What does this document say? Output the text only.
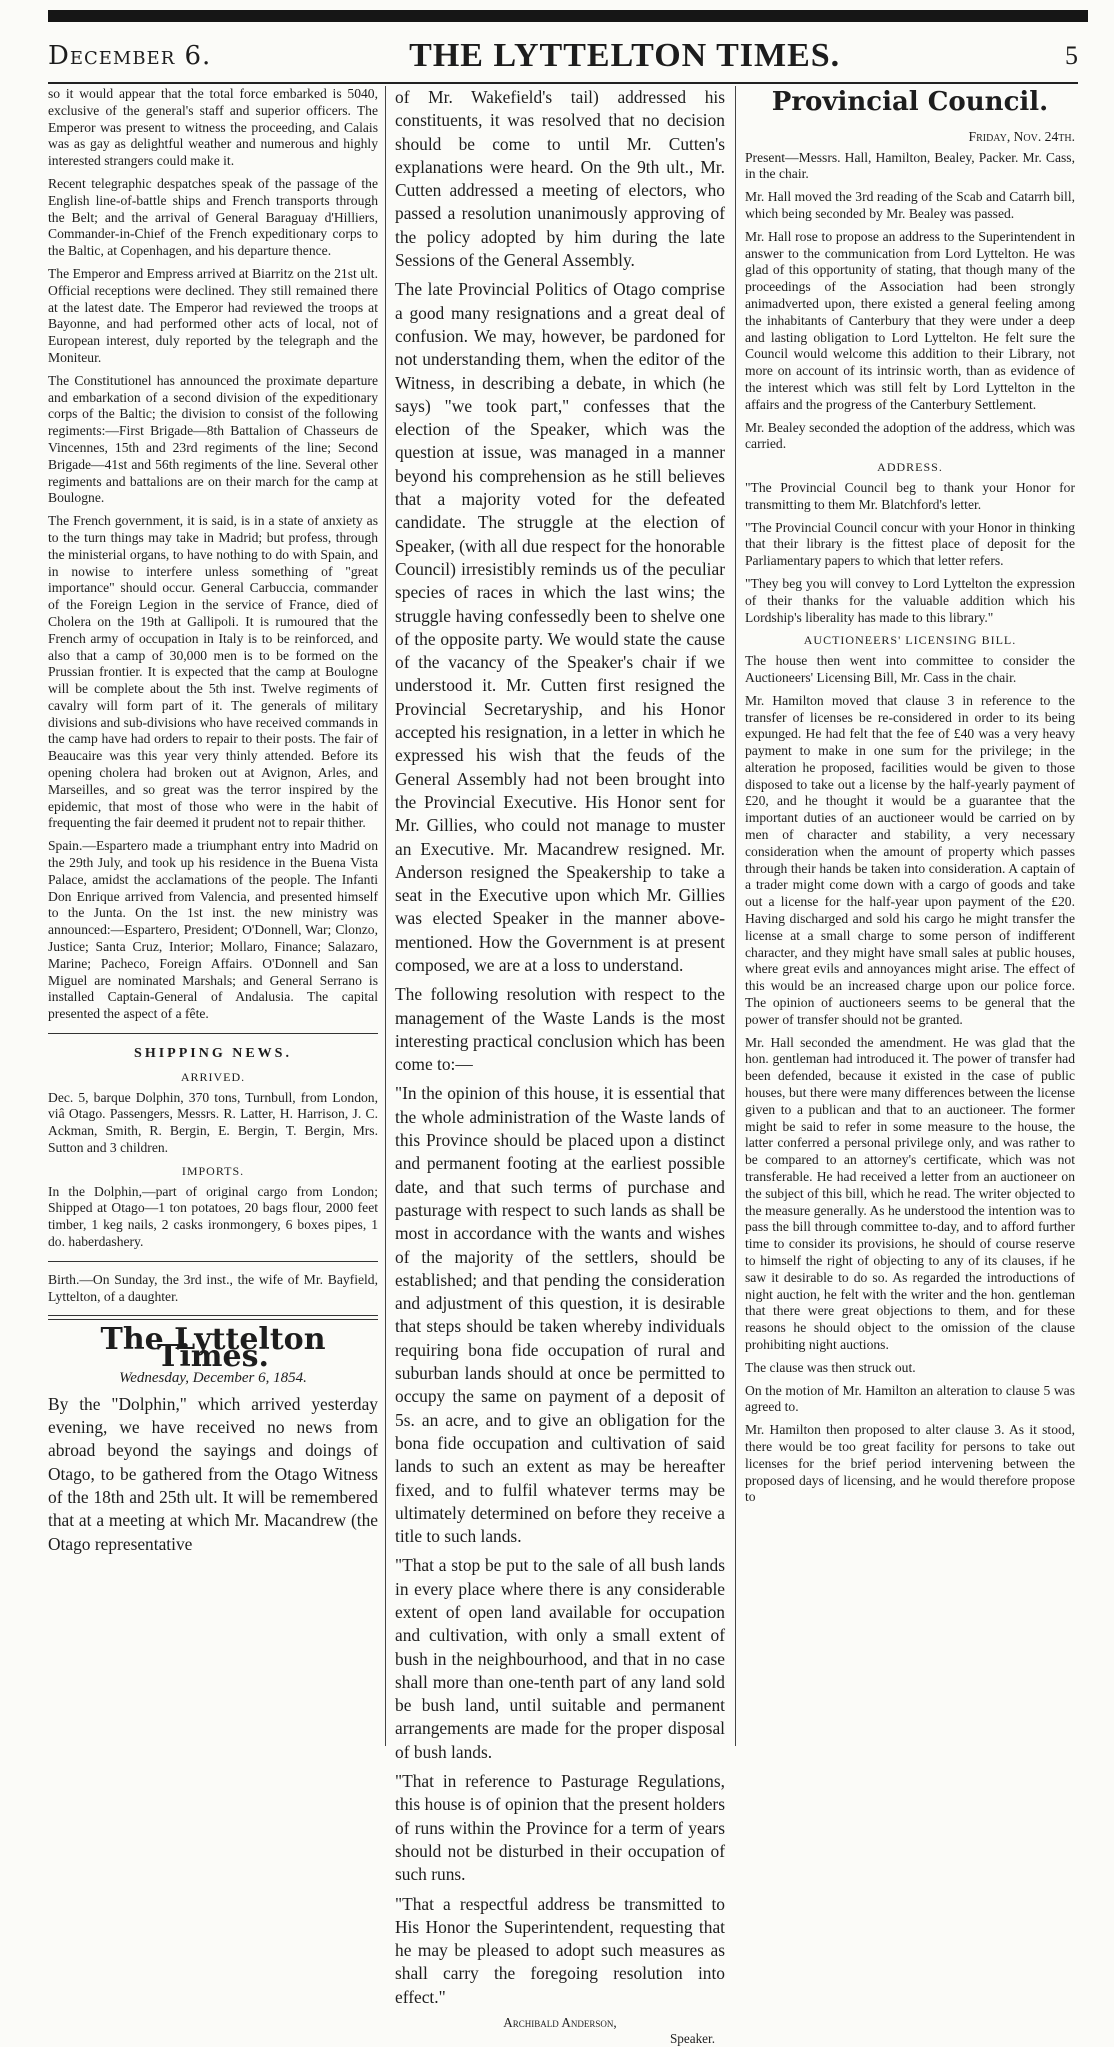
December 6.	THE LYTTELTON TIMES.	5

so it would appear that the total force embarked is 5040, exclusive of the general's staff and superior officers. The Emperor was present to witness the proceeding, and Calais was as gay as delightful weather and numerous and highly interested strangers could make it.

Recent telegraphic despatches speak of the passage of the English line-of-battle ships and French transports through the Belt; and the arrival of General Baraguay d'Hilliers, Commander-in-Chief of the French expeditionary corps to the Baltic, at Copenhagen, and his departure thence.

The Emperor and Empress arrived at Biarritz on the 21st ult. Official receptions were declined. They still remained there at the latest date. The Emperor had reviewed the troops at Bayonne, and had performed other acts of local, not of European interest, duly reported by the telegraph and the Moniteur.

The Constitutionel has announced the proximate departure and embarkation of a second division of the expeditionary corps of the Baltic; the division to consist of the following regiments:—First Brigade—8th Battalion of Chasseurs de Vincennes, 15th and 23rd regiments of the line; Second Brigade—41st and 56th regiments of the line. Several other regiments and battalions are on their march for the camp at Boulogne.

The French government, it is said, is in a state of anxiety as to the turn things may take in Madrid; but profess, through the ministerial organs, to have nothing to do with Spain, and in nowise to interfere unless something of "great importance" should occur. General Carbuccia, commander of the Foreign Legion in the service of France, died of Cholera on the 19th at Gallipoli. It is rumoured that the French army of occupation in Italy is to be reinforced, and also that a camp of 30,000 men is to be formed on the Prussian frontier. It is expected that the camp at Boulogne will be complete about the 5th inst. Twelve regiments of cavalry will form part of it. The generals of military divisions and sub-divisions who have received commands in the camp have had orders to repair to their posts. The fair of Beaucaire was this year very thinly attended. Before its opening cholera had broken out at Avignon, Arles, and Marseilles, and so great was the terror inspired by the epidemic, that most of those who were in the habit of frequenting the fair deemed it prudent not to repair thither.

Spain.—Espartero made a triumphant entry into Madrid on the 29th July, and took up his residence in the Buena Vista Palace, amidst the acclamations of the people. The Infanti Don Enrique arrived from Valencia, and presented himself to the Junta. On the 1st inst. the new ministry was announced:—Espartero, President; O'Donnell, War; Clonzo, Justice; Santa Cruz, Interior; Mollaro, Finance; Salazaro, Marine; Pacheco, Foreign Affairs. O'Donnell and San Miguel are nominated Marshals; and General Serrano is installed Captain-General of Andalusia. The capital presented the aspect of a fête.

SHIPPING NEWS.
ARRIVED.

Dec. 5, barque Dolphin, 370 tons, Turnbull, from London, viâ Otago. Passengers, Messrs. R. Latter, H. Harrison, J. C. Ackman, Smith, R. Bergin, E. Bergin, T. Bergin, Mrs. Sutton and 3 children.

IMPORTS.

In the Dolphin,—part of original cargo from London; Shipped at Otago—1 ton potatoes, 20 bags flour, 2000 feet timber, 1 keg nails, 2 casks ironmongery, 6 boxes pipes, 1 do. haberdashery.

Birth.—On Sunday, the 3rd inst., the wife of Mr. Bayfield, Lyttelton, of a daughter.

The Lyttelton Times.
Wednesday, December 6, 1854.

By the "Dolphin," which arrived yesterday evening, we have received no news from abroad beyond the sayings and doings of Otago, to be gathered from the Otago Witness of the 18th and 25th ult. It will be remembered that at a meeting at which Mr. Macandrew (the Otago representative

of Mr. Wakefield's tail) addressed his constituents, it was resolved that no decision should be come to until Mr. Cutten's explanations were heard. On the 9th ult., Mr. Cutten addressed a meeting of electors, who passed a resolution unanimously approving of the policy adopted by him during the late Sessions of the General Assembly.

The late Provincial Politics of Otago comprise a good many resignations and a great deal of confusion. We may, however, be pardoned for not understanding them, when the editor of the Witness, in describing a debate, in which (he says) "we took part," confesses that the election of the Speaker, which was the question at issue, was managed in a manner beyond his comprehension as he still believes that a majority voted for the defeated candidate. The struggle at the election of Speaker, (with all due respect for the honorable Council) irresistibly reminds us of the peculiar species of races in which the last wins; the struggle having confessedly been to shelve one of the opposite party. We would state the cause of the vacancy of the Speaker's chair if we understood it. Mr. Cutten first resigned the Provincial Secretaryship, and his Honor accepted his resignation, in a letter in which he expressed his wish that the feuds of the General Assembly had not been brought into the Provincial Executive. His Honor sent for Mr. Gillies, who could not manage to muster an Executive. Mr. Macandrew resigned. Mr. Anderson resigned the Speakership to take a seat in the Executive upon which Mr. Gillies was elected Speaker in the manner above-mentioned. How the Government is at present composed, we are at a loss to understand.

The following resolution with respect to the management of the Waste Lands is the most interesting practical conclusion which has been come to:—

"In the opinion of this house, it is essential that the whole administration of the Waste lands of this Province should be placed upon a distinct and permanent footing at the earliest possible date, and that such terms of purchase and pasturage with respect to such lands as shall be most in accordance with the wants and wishes of the majority of the settlers, should be established; and that pending the consideration and adjustment of this question, it is desirable that steps should be taken whereby individuals requiring bona fide occupation of rural and suburban lands should at once be permitted to occupy the same on payment of a deposit of 5s. an acre, and to give an obligation for the bona fide occupation and cultivation of said lands to such an extent as may be hereafter fixed, and to fulfil whatever terms may be ultimately determined on before they receive a title to such lands.

"That a stop be put to the sale of all bush lands in every place where there is any considerable extent of open land available for occupation and cultivation, with only a small extent of bush in the neighbourhood, and that in no case shall more than one-tenth part of any land sold be bush land, until suitable and permanent arrangements are made for the proper disposal of bush lands.

"That in reference to Pasturage Regulations, this house is of opinion that the present holders of runs within the Province for a term of years should not be disturbed in their occupation of such runs.

"That a respectful address be transmitted to His Honor the Superintendent, requesting that he may be pleased to adopt such measures as shall carry the foregoing resolution into effect."

Archibald Anderson,
Speaker.
Provincial Council.
Friday, Nov. 24th.

Present—Messrs. Hall, Hamilton, Bealey, Packer. Mr. Cass, in the chair.

Mr. Hall moved the 3rd reading of the Scab and Catarrh bill, which being seconded by Mr. Bealey was passed.

Mr. Hall rose to propose an address to the Superintendent in answer to the communication from Lord Lyttelton. He was glad of this opportunity of stating, that though many of the proceedings of the Association had been strongly animadverted upon, there existed a general feeling among the inhabitants of Canterbury that they were under a deep and lasting obligation to Lord Lyttelton. He felt sure the Council would welcome this addition to their Library, not more on account of its intrinsic worth, than as evidence of the interest which was still felt by Lord Lyttelton in the affairs and the progress of the Canterbury Settlement.

Mr. Bealey seconded the adoption of the address, which was carried.

ADDRESS.

"The Provincial Council beg to thank your Honor for transmitting to them Mr. Blatchford's letter.

"The Provincial Council concur with your Honor in thinking that their library is the fittest place of deposit for the Parliamentary papers to which that letter refers.

"They beg you will convey to Lord Lyttelton the expression of their thanks for the valuable addition which his Lordship's liberality has made to this library."

AUCTIONEERS' LICENSING BILL.

The house then went into committee to consider the Auctioneers' Licensing Bill, Mr. Cass in the chair.

Mr. Hamilton moved that clause 3 in reference to the transfer of licenses be re-considered in order to its being expunged. He had felt that the fee of £40 was a very heavy payment to make in one sum for the privilege; in the alteration he proposed, facilities would be given to those disposed to take out a license by the half-yearly payment of £20, and he thought it would be a guarantee that the important duties of an auctioneer would be carried on by men of character and stability, a very necessary consideration when the amount of property which passes through their hands be taken into consideration. A captain of a trader might come down with a cargo of goods and take out a license for the half-year upon payment of the £20. Having discharged and sold his cargo he might transfer the license at a small charge to some person of indifferent character, and they might have small sales at public houses, where great evils and annoyances might arise. The effect of this would be an increased charge upon our police force. The opinion of auctioneers seems to be general that the power of transfer should not be granted.

Mr. Hall seconded the amendment. He was glad that the hon. gentleman had introduced it. The power of transfer had been defended, because it existed in the case of public houses, but there were many differences between the license given to a publican and that to an auctioneer. The former might be said to refer in some measure to the house, the latter conferred a personal privilege only, and was rather to be compared to an attorney's certificate, which was not transferable. He had received a letter from an auctioneer on the subject of this bill, which he read. The writer objected to the measure generally. As he understood the intention was to pass the bill through committee to-day, and to afford further time to consider its provisions, he should of course reserve to himself the right of objecting to any of its clauses, if he saw it desirable to do so. As regarded the introductions of night auction, he felt with the writer and the hon. gentleman that there were great objections to them, and for these reasons he should object to the omission of the clause prohibiting night auctions.

The clause was then struck out.

On the motion of Mr. Hamilton an alteration to clause 5 was agreed to.

Mr. Hamilton then proposed to alter clause 3. As it stood, there would be too great facility for persons to take out licenses for the brief period intervening between the proposed days of licensing, and he would therefore propose to
